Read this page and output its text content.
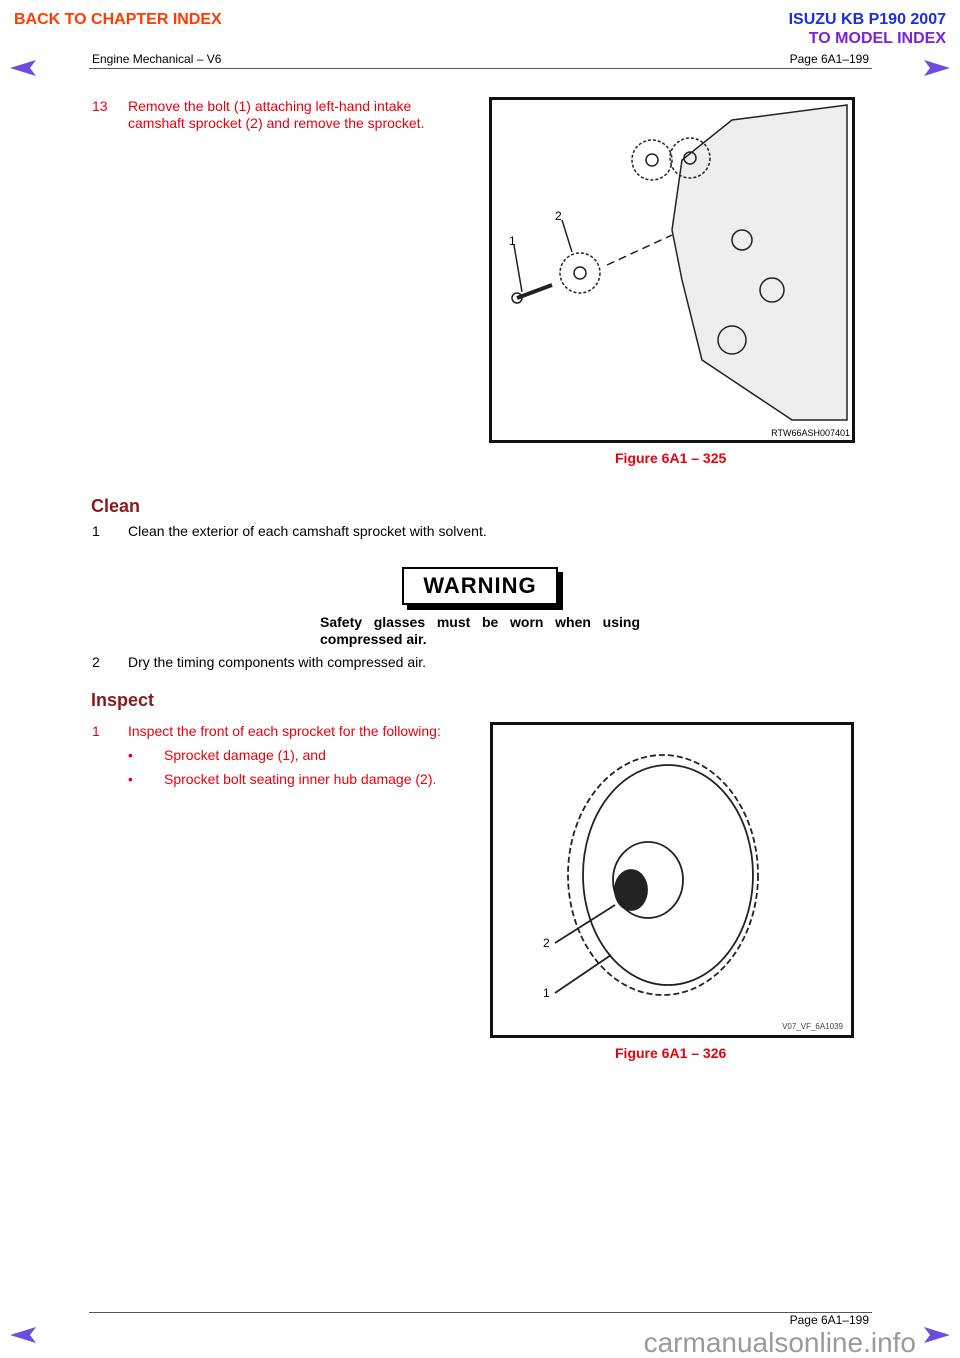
BACK TO CHAPTER INDEX	ISUZU KB P190 2007
TO MODEL INDEX
Engine Mechanical – V6	Page 6A1–199
13 Remove the bolt (1) attaching left-hand intake
camshaft sprocket (2) and remove the sprocket.
2
1
RTW66ASH007401
Figure 6A1 – 325
Clean
1 Clean the exterior of each camshaft sprocket with solvent.
WARNING
Safety glasses must be worn when using
compressed air.
2 Dry the timing components with compressed air.
Inspect
1 Inspect the front of each sprocket for the following:
• Sprocket damage (1), and
• Sprocket bolt seating inner hub damage (2).
2
1
V07_VF_6A1039
Figure 6A1 – 326
Page 6A1–199
carmanualsonline.info
